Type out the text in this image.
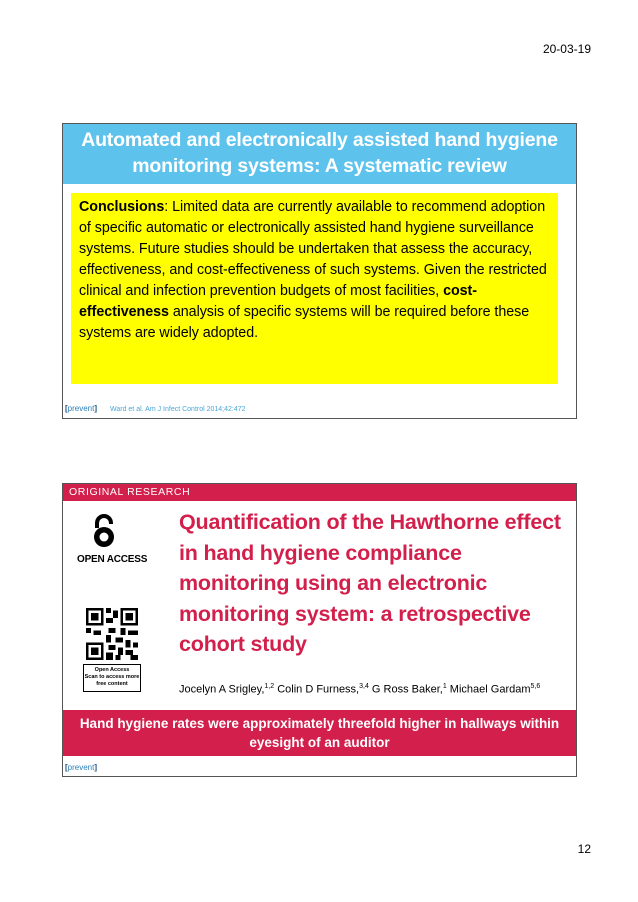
20-03-19
Automated and electronically assisted hand hygiene monitoring systems: A systematic review
Conclusions: Limited data are currently available to recommend adoption of specific automatic or electronically assisted hand hygiene surveillance systems. Future studies should be undertaken that assess the accuracy, effectiveness, and cost-effectiveness of such systems. Given the restricted clinical and infection prevention budgets of most facilities, cost-effectiveness analysis of specific systems will be required before these systems are widely adopted.
[prevent] Ward et al. Am J Infect Control 2014;42:472
ORIGINAL RESEARCH
OPEN ACCESS
Open Access
Scan to access more
free content
Quantification of the Hawthorne effect in hand hygiene compliance monitoring using an electronic monitoring system: a retrospective cohort study
Jocelyn A Srigley,$^{1,2}$ Colin D Furness,$^{3,4}$ G Ross Baker,$^1$ Michael Gardam$^{5,6}$
Hand hygiene rates were approximately threefold higher in hallways within eyesight of an auditor
[prevent]
12
